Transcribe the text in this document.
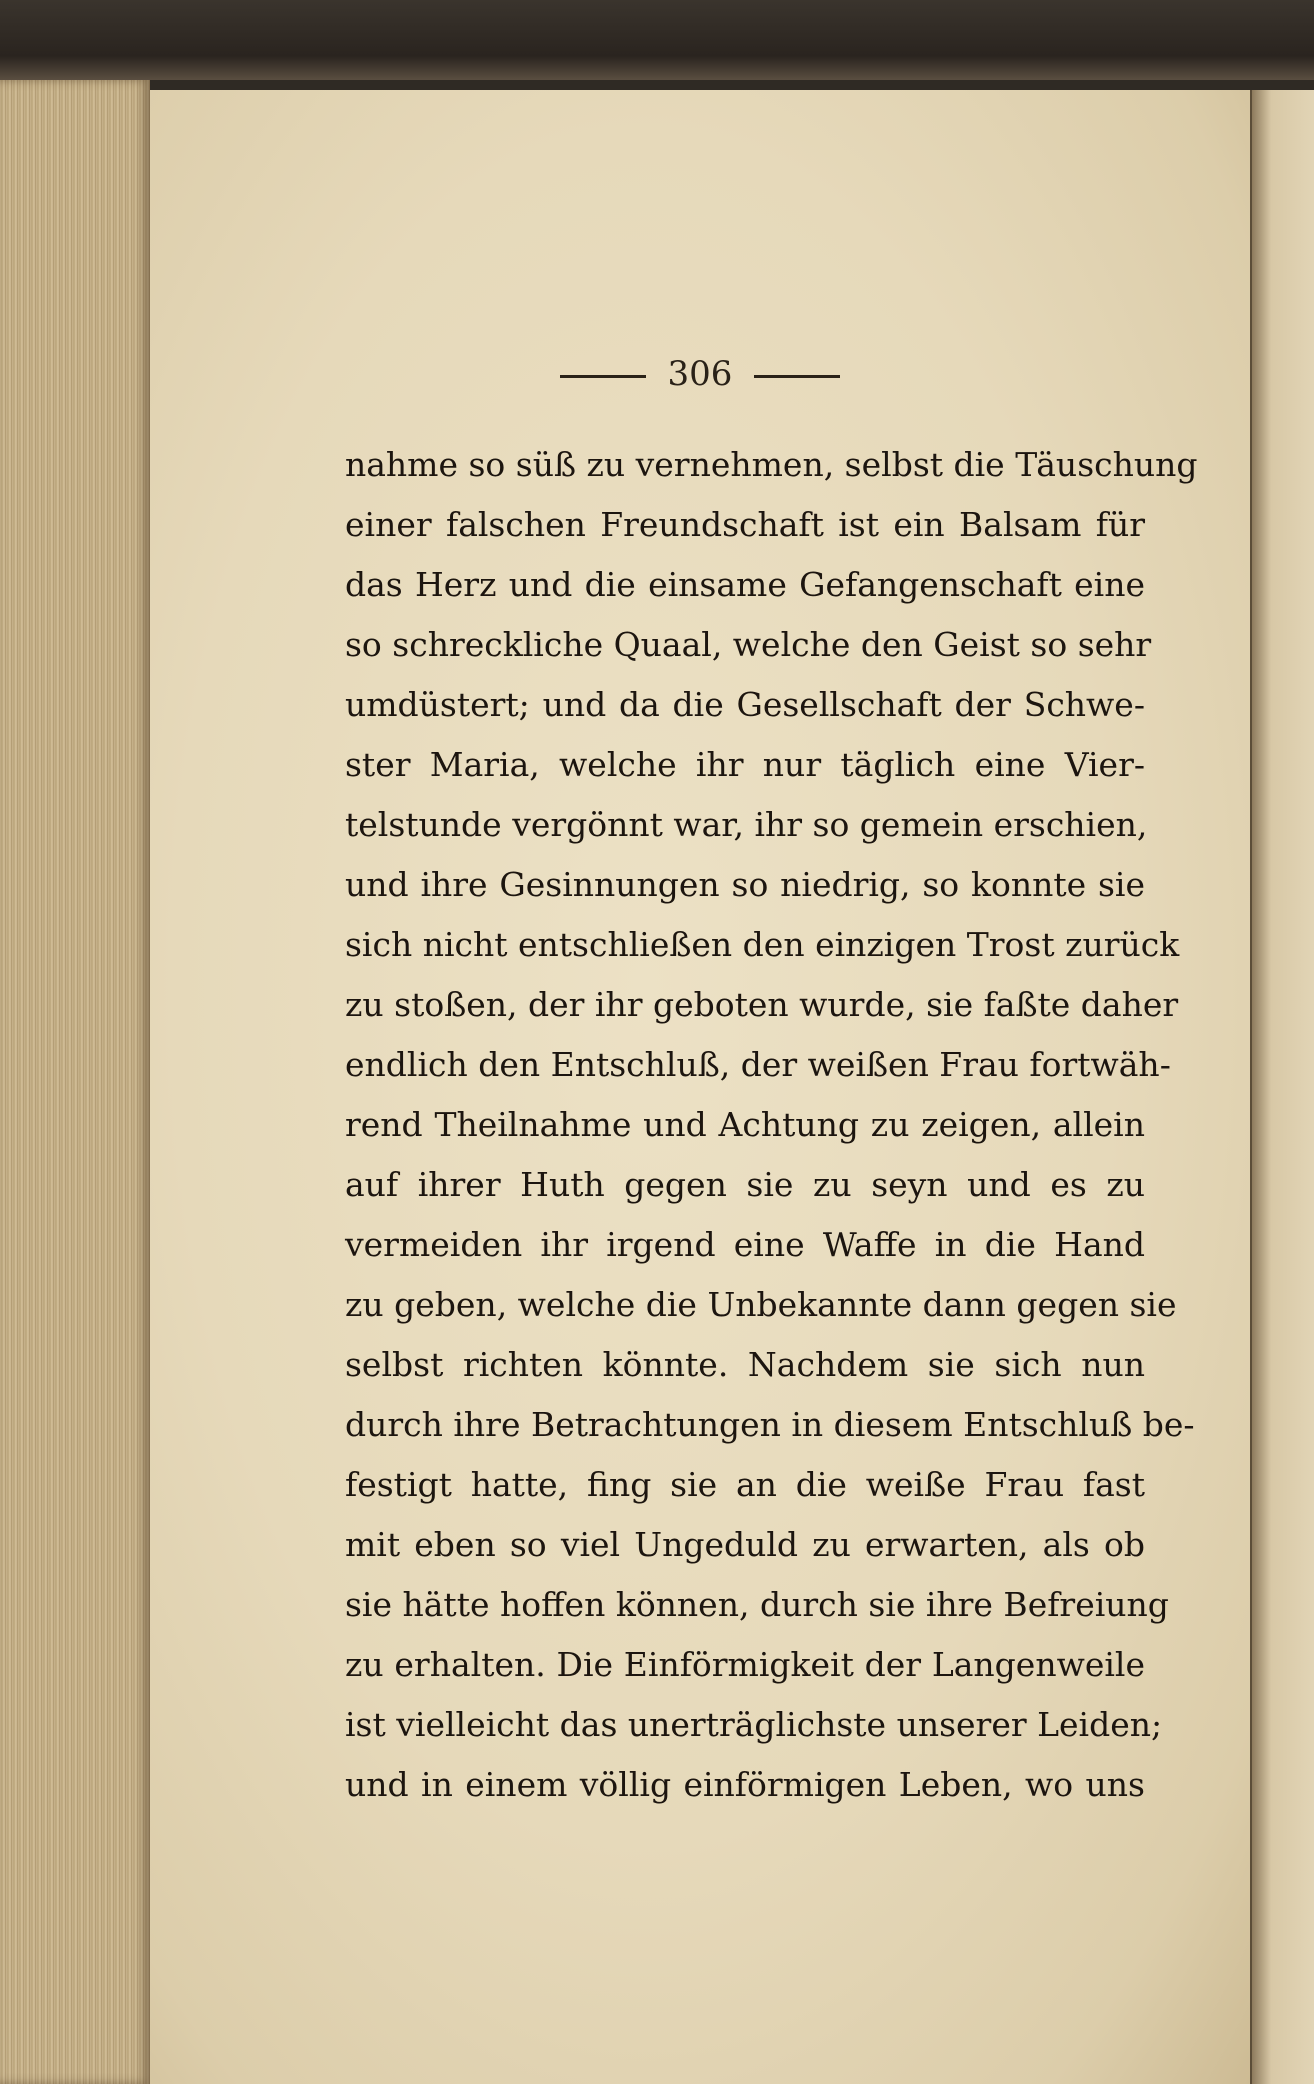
306
nahme so süß zu vernehmen, selbst die Täuschung
einer falschen Freundschaft ist ein Balsam für
das Herz und die einsame Gefangenschaft eine
so schreckliche Quaal, welche den Geist so sehr
umdüstert; und da die Gesellschaft der Schwe-
ster Maria, welche ihr nur täglich eine Vier-
telstunde vergönnt war, ihr so gemein erschien,
und ihre Gesinnungen so niedrig, so konnte sie
sich nicht entschließen den einzigen Trost zurück
zu stoßen, der ihr geboten wurde, sie faßte daher
endlich den Entschluß, der weißen Frau fortwäh-
rend Theilnahme und Achtung zu zeigen, allein
auf ihrer Huth gegen sie zu seyn und es zu
vermeiden ihr irgend eine Waffe in die Hand
zu geben, welche die Unbekannte dann gegen sie
selbst richten könnte. Nachdem sie sich nun
durch ihre Betrachtungen in diesem Entschluß be-
festigt hatte, fing sie an die weiße Frau fast
mit eben so viel Ungeduld zu erwarten, als ob
sie hätte hoffen können, durch sie ihre Befreiung
zu erhalten. Die Einförmigkeit der Langenweile
ist vielleicht das unerträglichste unserer Leiden;
und in einem völlig einförmigen Leben, wo uns
